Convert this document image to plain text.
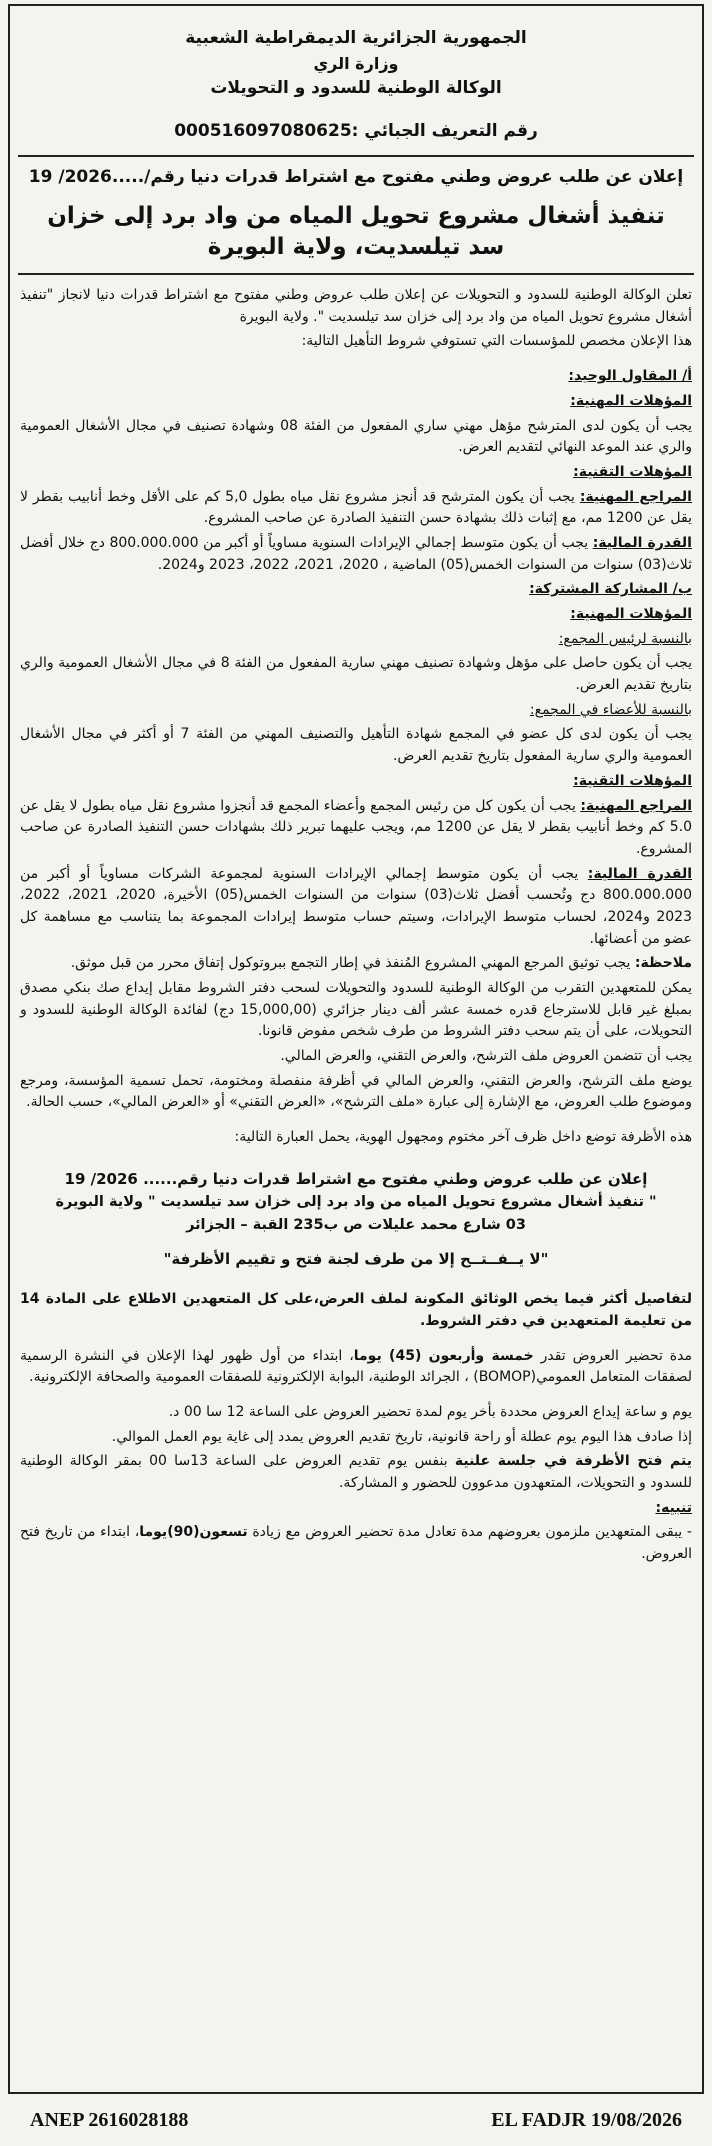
الجمهورية الجزائرية الديمقراطية الشعبية
وزارة الري
الوكالة الوطنية للسدود و التحويلات
رقم التعريف الجبائي :000516097080625
إعلان عن طلب عروض وطني مفتوح مع اشتراط قدرات دنيا رقم/.....2026/ 19
تنفيذ أشغال مشروع تحويل المياه من واد برد إلى خزان سد تيلسديت، ولاية البويرة

تعلن الوكالة الوطنية للسدود و التحويلات عن إعلان طلب عروض وطني مفتوح مع اشتراط قدرات دنيا لانجاز "تنفيذ أشغال مشروع تحويل المياه من واد برد إلى خزان سد تيلسديت ". ولاية البويرة

هذا الإعلان مخصص للمؤسسات التي تستوفي شروط التأهيل التالية:

أ/ المقاول الوحيد:

المؤهلات المهنية:

يجب أن يكون لدى المترشح مؤهل مهني ساري المفعول من الفئة 08 وشهادة تصنيف في مجال الأشغال العمومية والري عند الموعد النهائي لتقديم العرض.

المؤهلات التقنية:

المراجع المهنية: يجب أن يكون المترشح قد أنجز مشروع نقل مياه بطول 5,0 كم على الأقل وخط أنابيب بقطر لا يقل عن 1200 مم، مع إثبات ذلك بشهادة حسن التنفيذ الصادرة عن صاحب المشروع.

القدرة المالية: يجب أن يكون متوسط إجمالي الإيرادات السنوية مساوياً أو أكبر من 800.000.000 دج خلال أفضل ثلاث(03) سنوات من السنوات الخمس(05) الماضية ، 2020، 2021، 2022، 2023 و2024.

ب/ المشاركة المشتركة:

المؤهلات المهنية:

بالنسبة لرئيس المجمع:

يجب أن يكون حاصل على مؤهل وشهادة تصنيف مهني سارية المفعول من الفئة 8 في مجال الأشغال العمومية والري بتاريخ تقديم العرض.

بالنسبة للأعضاء في المجمع:

يجب أن يكون لدى كل عضو في المجمع شهادة التأهيل والتصنيف المهني من الفئة 7 أو أكثر في مجال الأشغال العمومية والري سارية المفعول بتاريخ تقديم العرض.

المؤهلات التقنية:

المراجع المهنية: يجب أن يكون كل من رئيس المجمع وأعضاء المجمع قد أنجزوا مشروع نقل مياه بطول لا يقل عن 5.0 كم وخط أنابيب بقطر لا يقل عن 1200 مم، ويجب عليهما تبرير ذلك بشهادات حسن التنفيذ الصادرة عن صاحب المشروع.

القدرة المالية: يجب أن يكون متوسط إجمالي الإيرادات السنوية لمجموعة الشركات مساوياً أو أكبر من 800.000.000 دج وتُحسب أفضل ثلاث(03) سنوات من السنوات الخمس(05) الأخيرة، 2020، 2021، 2022، 2023 و2024، لحساب متوسط الإيرادات، وسيتم حساب متوسط إيرادات المجموعة بما يتناسب مع مساهمة كل عضو من أعضائها.

ملاحظة: يجب توثيق المرجع المهني المشروع المُنفذ في إطار التجمع ببروتوكول إتفاق محرر من قبل موثق.

يمكن للمتعهدين التقرب من الوكالة الوطنية للسدود والتحويلات لسحب دفتر الشروط مقابل إيداع صك بنكي مصدق بمبلغ غير قابل للاسترجاع قدره خمسة عشر ألف دينار جزائري (15,000,00 دج) لفائدة الوكالة الوطنية للسدود و التحويلات، على أن يتم سحب دفتر الشروط من طرف شخص مفوض قانونا.

يجب أن تتضمن العروض ملف الترشح، والعرض التقني، والعرض المالي.

يوضع ملف الترشح، والعرض التقني، والعرض المالي في أظرفة منفصلة ومختومة، تحمل تسمية المؤسسة، ومرجع وموضوع طلب العروض، مع الإشارة إلى عبارة «ملف الترشح»، «العرض التقني» أو «العرض المالي»، حسب الحالة.

هذه الأظرفة توضع داخل ظرف آخر مختوم ومجهول الهوية، يحمل العبارة التالية:

إعلان عن طلب عروض وطني مفتوح مع اشتراط قدرات دنيا رقم...... 2026/ 19
" تنفيذ أشغال مشروع تحويل المياه من واد برد إلى خزان سد تيلسديت " ولاية البويرة
03 شارع محمد عليلات ص ب235 القبة – الجزائر
"لا يــفــتــح إلا من طرف لجنة فتح و تقييم الأظرفة"

لتفاصيل أكثر فيما يخص الوثائق المكونة لملف العرض،على كل المتعهدين الاطلاع على المادة 14 من تعليمة المتعهدين في دفتر الشروط.

مدة تحضير العروض تقدر خمسة وأربعون (45) يوما، ابتداء من أول ظهور لهذا الإعلان في النشرة الرسمية لصفقات المتعامل العمومي(BOMOP) ، الجرائد الوطنية، البوابة الإلكترونية للصفقات العمومية والصحافة الإلكترونية.

يوم و ساعة إيداع العروض محددة بأخر يوم لمدة تحضير العروض على الساعة 12 سا 00 د.

إذا صادف هذا اليوم يوم عطلة أو راحة قانونية، تاريخ تقديم العروض يمدد إلى غاية يوم العمل الموالي.

يتم فتح الأظرفة في جلسة علنية بنفس يوم تقديم العروض على الساعة 13سا 00 بمقر الوكالة الوطنية للسدود و التحويلات، المتعهدون مدعوون للحضور و المشاركة.

تنبيه:

- يبقى المتعهدين ملزمون بعروضهم مدة تعادل مدة تحضير العروض مع زيادة تسعون(90)يوما، ابتداء من تاريخ فتح العروض.

ANEP 2616028188	EL FADJR 19/08/2026
